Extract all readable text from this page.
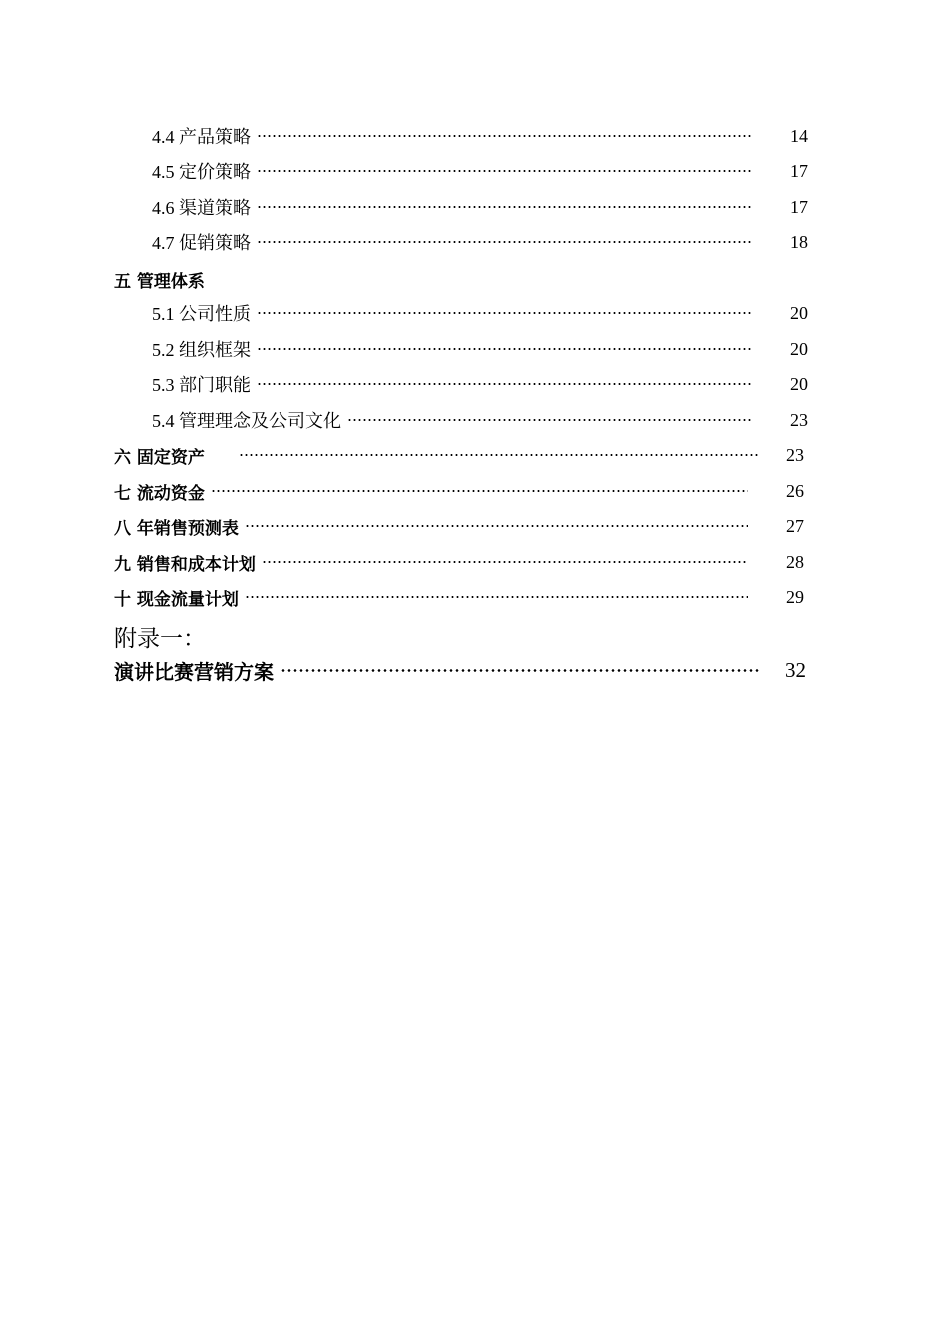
4.4 产品策略	14
4.5 定价策略	17
4.6 渠道策略	17
4.7 促销策略	18
五 管理体系
5.1 公司性质	20
5.2 组织框架	20
5.3 部门职能	20
5.4 管理理念及公司文化	23
六 固定资产	23
七 流动资金	26
八 年销售预测表	27
九 销售和成本计划	28
十 现金流量计划	29
附录一：
演讲比赛营销方案	32
